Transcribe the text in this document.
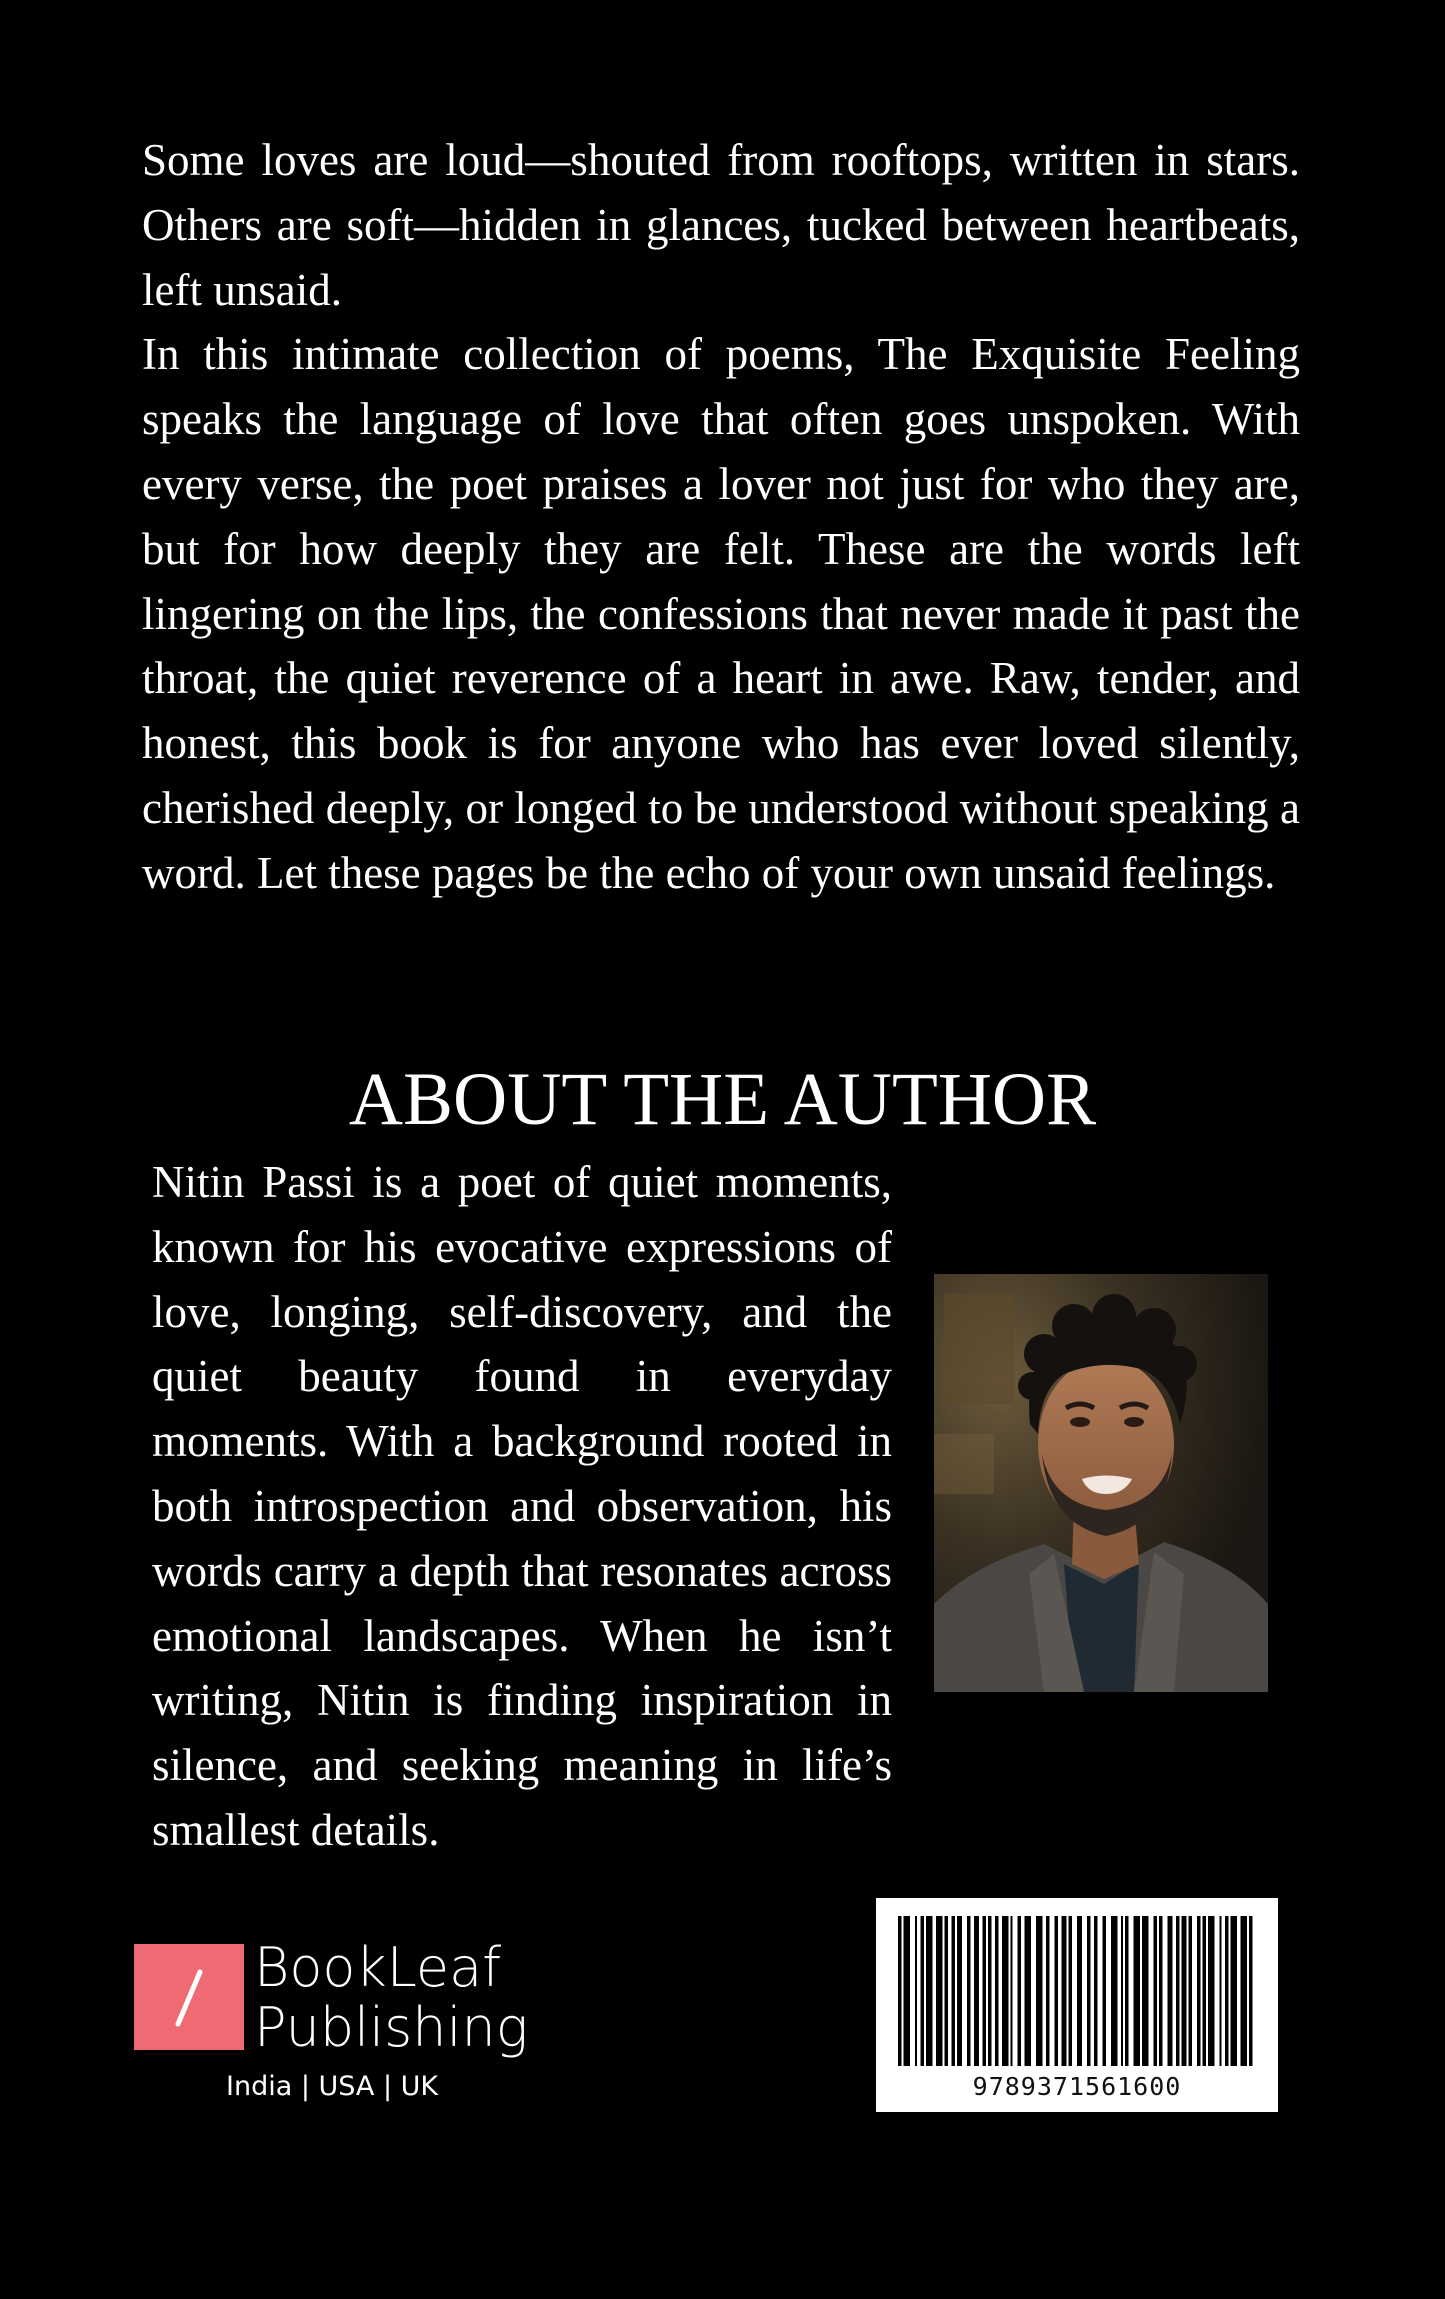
Some loves are loud—shouted from rooftops, written in stars. Others are soft—hidden in glances, tucked between heartbeats, left unsaid.

In this intimate collection of poems, The Exquisite Feeling speaks the language of love that often goes unspoken. With every verse, the poet praises a lover not just for who they are, but for how deeply they are felt. These are the words left lingering on the lips, the confessions that never made it past the throat, the quiet reverence of a heart in awe. Raw, tender, and honest, this book is for anyone who has ever loved silently, cherished deeply, or longed to be understood without speaking a word. Let these pages be the echo of your own unsaid feelings.

ABOUT THE AUTHOR

Nitin Passi is a poet of quiet moments, known for his evocative expressions of love, longing, self-discovery, and the quiet beauty found in everyday moments. With a background rooted in both introspection and observation, his words carry a depth that resonates across emotional landscapes. When he isn’t writing, Nitin is finding inspiration in silence, and seeking meaning in life’s smallest details.

BookLeaf
Publishing

India | USA | UK	9789371561600
